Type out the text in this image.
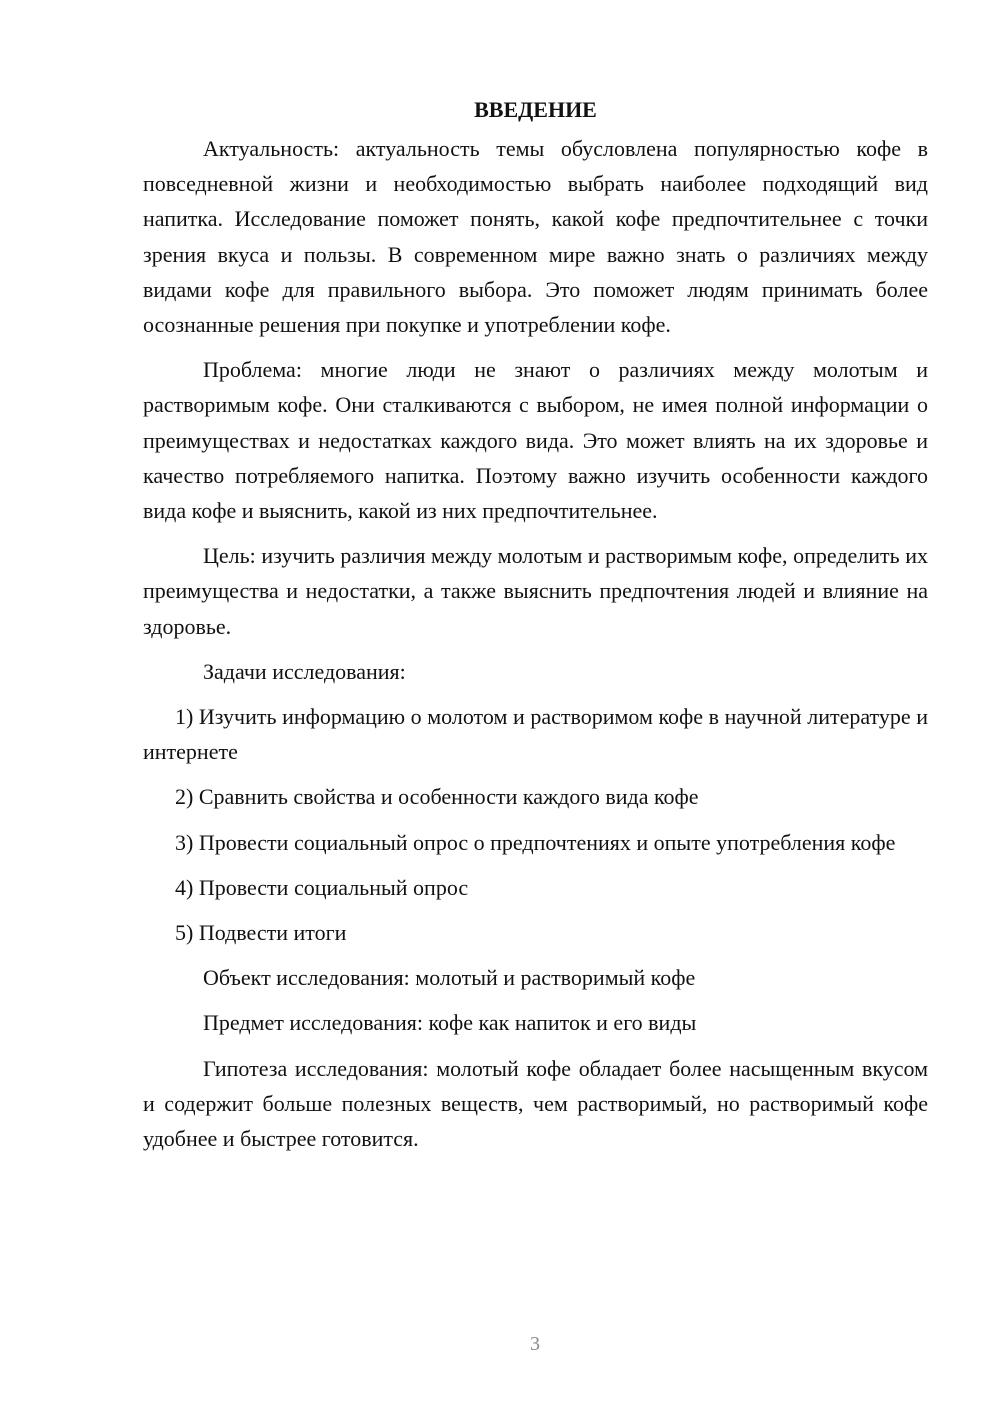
ВВЕДЕНИЕ

Актуальность: актуальность темы обусловлена популярностью кофе в повседневной жизни и необходимостью выбрать наиболее подходящий вид напитка. Исследование поможет понять, какой кофе предпочтительнее с точки зрения вкуса и пользы. В современном мире важно знать о различиях между видами кофе для правильного выбора. Это поможет людям принимать более осознанные решения при покупке и употреблении кофе.

Проблема: многие люди не знают о различиях между молотым и растворимым кофе. Они сталкиваются с выбором, не имея полной информации о преимуществах и недостатках каждого вида. Это может влиять на их здоровье и качество потребляемого напитка. Поэтому важно изучить особенности каждого вида кофе и выяснить, какой из них предпочтительнее.

Цель: изучить различия между молотым и растворимым кофе, определить их преимущества и недостатки, а также выяснить предпочтения людей и влияние на здоровье.

Задачи исследования:

1) Изучить информацию о молотом и растворимом кофе в научной литературе и интернете

2) Сравнить свойства и особенности каждого вида кофе

3) Провести социальный опрос о предпочтениях и опыте употребления кофе

4) Провести социальный опрос

5) Подвести итоги

Объект исследования: молотый и растворимый кофе

Предмет исследования: кофе как напиток и его виды

Гипотеза исследования: молотый кофе обладает более насыщенным вкусом и содержит больше полезных веществ, чем растворимый, но растворимый кофе удобнее и быстрее готовится.

3
